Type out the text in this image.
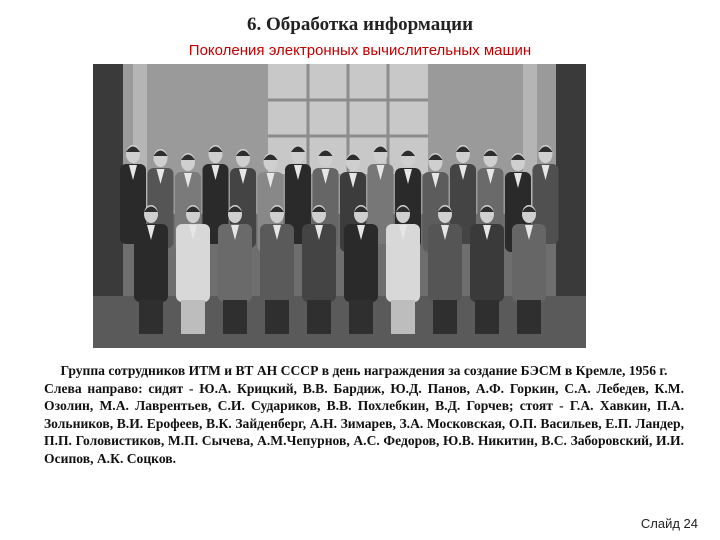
6. Обработка информации
Поколения электронных вычислительных машин
Группа сотрудников ИТМ и ВТ АН СССР в день награждения за создание БЭСМ в Кремле, 1956 г.
Слева направо: сидят - Ю.А. Крицкий, В.В. Бардиж, Ю.Д. Панов, А.Ф. Горкин, С.А. Лебедев, К.М. Озолин, М.А. Лаврентьев, С.И. Судариков, В.В. Похлебкин, В.Д. Горчев; стоят - Г.А. Хавкин, П.А. Зольников, В.И. Ерофеев, В.К. Зайденберг, А.Н. Зимарев, З.А. Московская, О.П. Васильев, Е.П. Ландер, П.П. Головистиков, М.П. Сычева, А.М.Чепурнов, А.С. Федоров, Ю.В. Никитин, В.С. Заборовский, И.И. Осипов, А.К. Соцков.
Слайд 24
